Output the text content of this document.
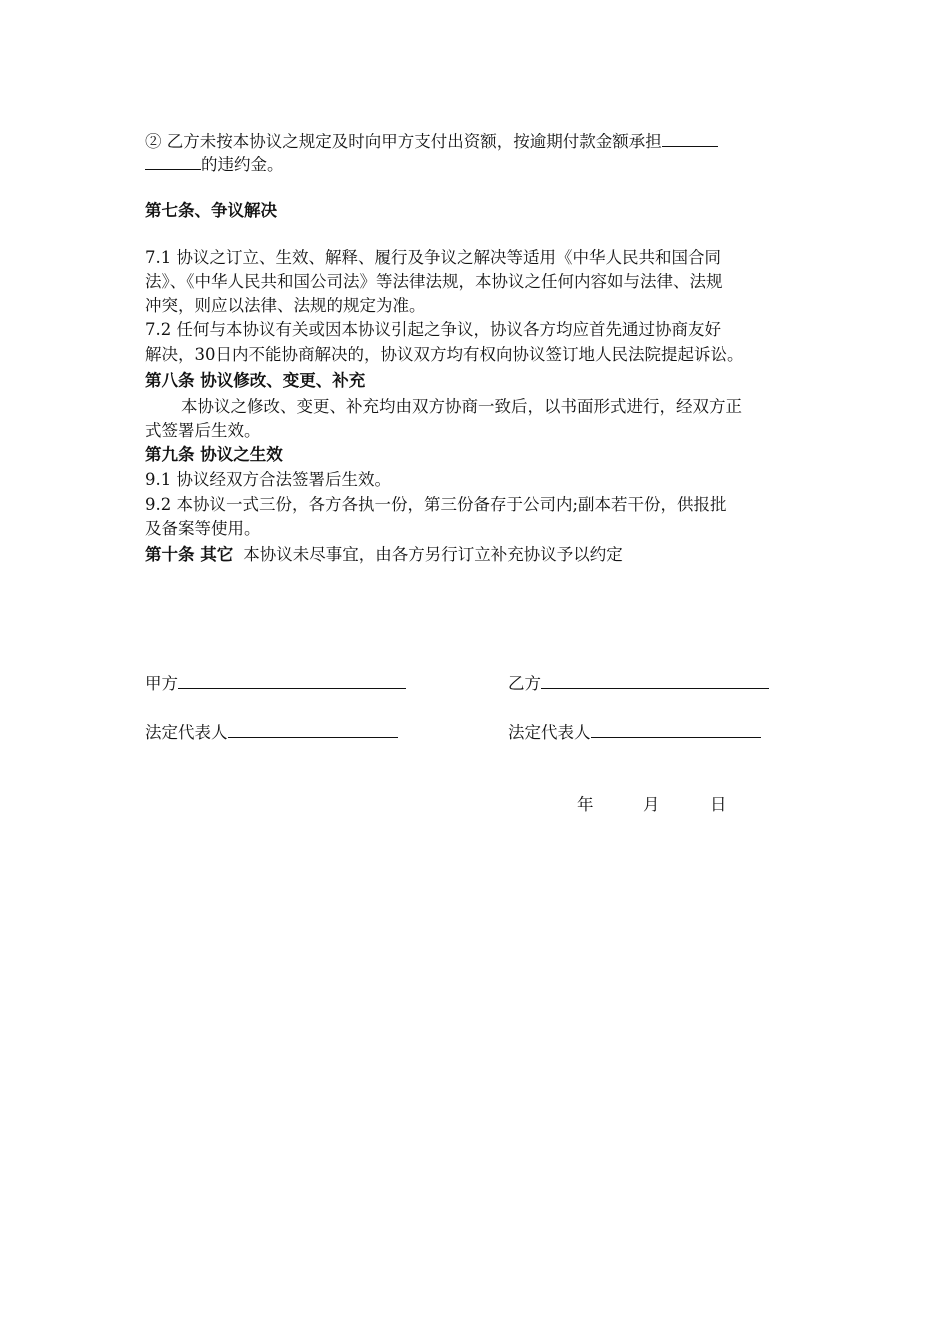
② 乙方未按本协议之规定及时向甲方支付出资额，按逾期付款金额承担
的违约金。
第七条、争议解决
7.1 协议之订立、生效、解释、履行及争议之解决等适用《中华人民共和国合同
法》、《中华人民共和国公司法》等法律法规，本协议之任何内容如与法律、法规
冲突，则应以法律、法规的规定为准。
7.2 任何与本协议有关或因本协议引起之争议，协议各方均应首先通过协商友好
解决，30日内不能协商解决的，协议双方均有权向协议签订地人民法院提起诉讼。
第八条 协议修改、变更、补充
本协议之修改、变更、补充均由双方协商一致后，以书面形式进行，经双方正
式签署后生效。
第九条 协议之生效
9.1 协议经双方合法签署后生效。
9.2 本协议一式三份，各方各执一份，第三份备存于公司内;副本若干份，供报批
及备案等使用。
第十条 其它 本协议未尽事宜，由各方另行订立补充协议予以约定
甲方	乙方
法定代表人	法定代表人
年	月	日
